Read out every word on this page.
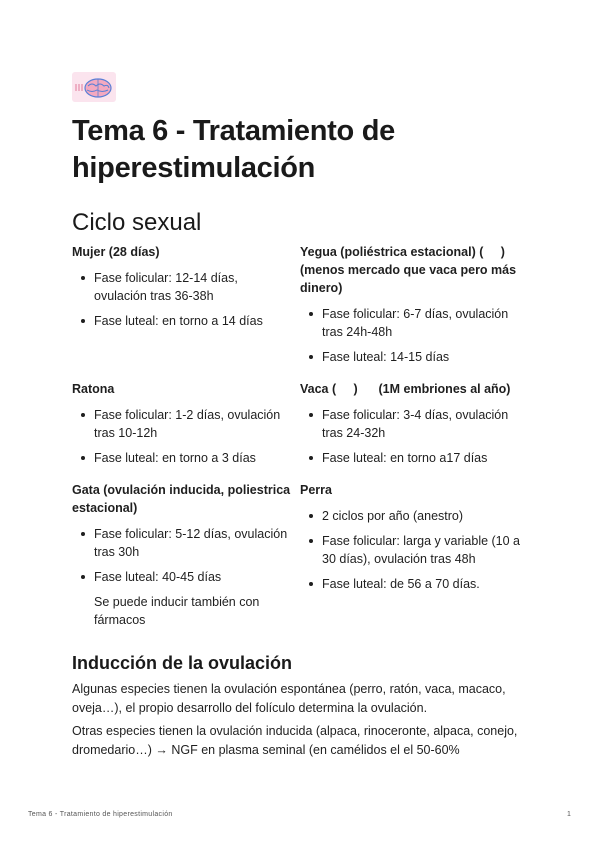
Tema 6 - Tratamiento de hiperestimulación
Ciclo sexual

Mujer (28 días)

Fase folicular: 12-14 días, ovulación tras 36-38h
Fase luteal: en torno a 14 días

Yegua (poliéstrica estacional) (     )      (menos mercado que vaca pero más dinero)

Fase folicular: 6-7 días, ovulación tras 24h-48h
Fase luteal: 14-15 días

Ratona

Fase folicular: 1-2 días, ovulación tras 10-12h
Fase luteal: en torno a 3 días

Vaca (     )      (1M embriones al año)

Fase folicular: 3-4 días, ovulación tras 24-32h
Fase luteal: en torno a17 días

Gata (ovulación inducida, poliestrica estacional)

Fase folicular: 5-12 días, ovulación tras 30h
Fase luteal: 40-45 días

Se puede inducir también con fármacos

Perra

2 ciclos por año (anestro)
Fase folicular: larga y variable (10 a 30 días), ovulación tras 48h
Fase luteal: de 56 a 70 días.
Inducción de la ovulación

Algunas especies tienen la ovulación espontánea (perro, ratón, vaca, macaco, oveja…), el propio desarrollo del folículo determina la ovulación.

Otras especies tienen la ovulación inducida (alpaca, rinoceronte, alpaca, conejo, dromedario…) → NGF en plasma seminal (en camélidos el el 50-60%

Tema 6 - Tratamiento de hiperestimulación	1
